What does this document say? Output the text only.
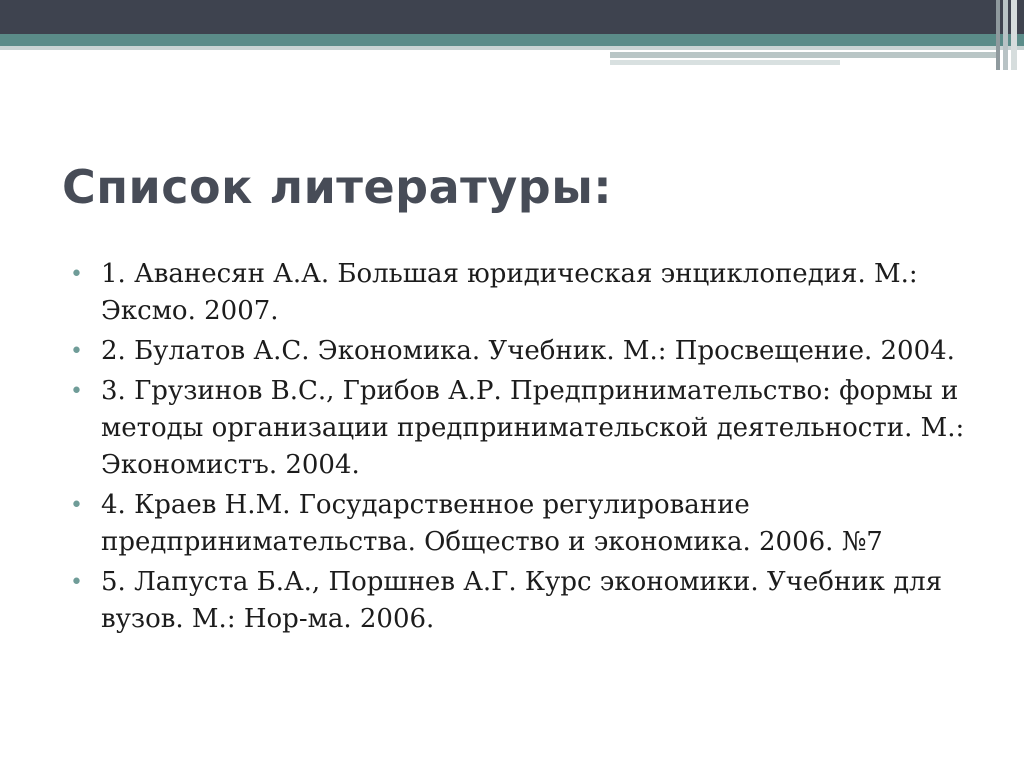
Список литературы:
• 1. Аванесян А.А. Большая юридическая энциклопедия. М.: Эксмо. 2007.
• 2. Булатов А.С. Экономика. Учебник. М.: Просвещение. 2004.
• 3. Грузинов В.С., Грибов А.Р. Предпринимательство: формы и методы организации предпринимательской деятельности. М.: Экономистъ. 2004.
• 4. Краев Н.М. Государственное регулирование предпринимательства. Общество и экономика. 2006. №7
• 5. Лапуста Б.А., Поршнев А.Г. Курс экономики. Учебник для вузов. М.: Нор-ма. 2006.
